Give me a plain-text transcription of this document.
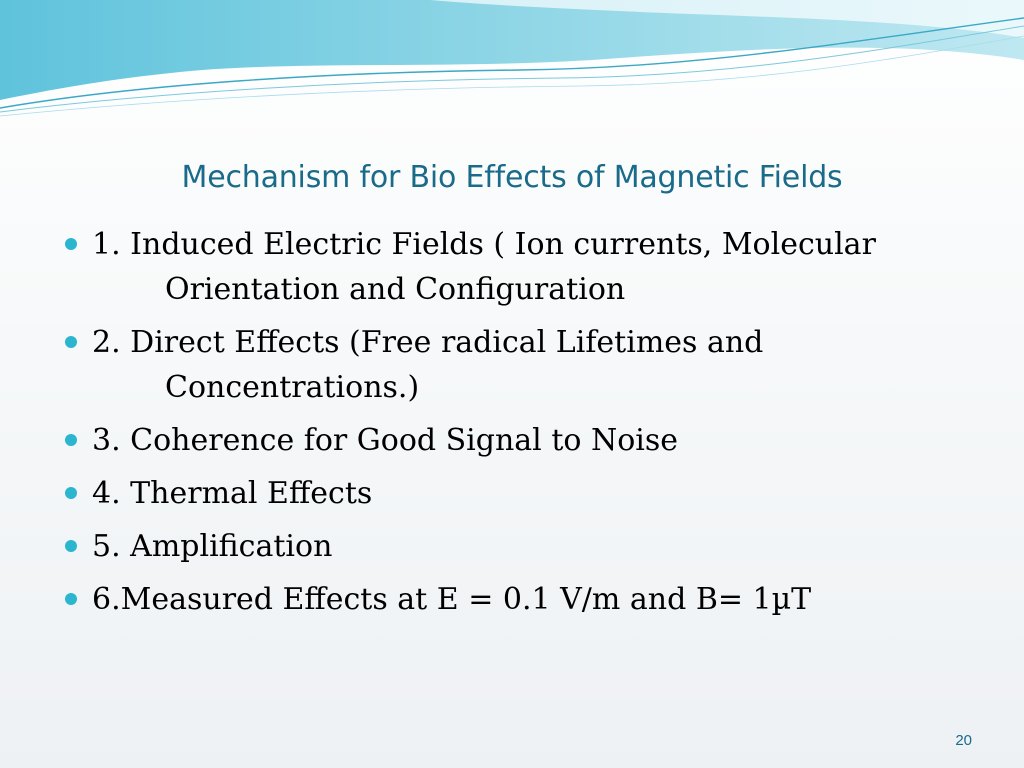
Mechanism for Bio Effects of Magnetic Fields
1. Induced Electric Fields ( Ion currents, Molecular
Orientation and Configuration
2. Direct Effects (Free radical Lifetimes and
Concentrations.)
3. Coherence for Good Signal to Noise
4. Thermal Effects
5. Amplification
6.Measured Effects at E = 0.1 V/m and B= 1µT
20
